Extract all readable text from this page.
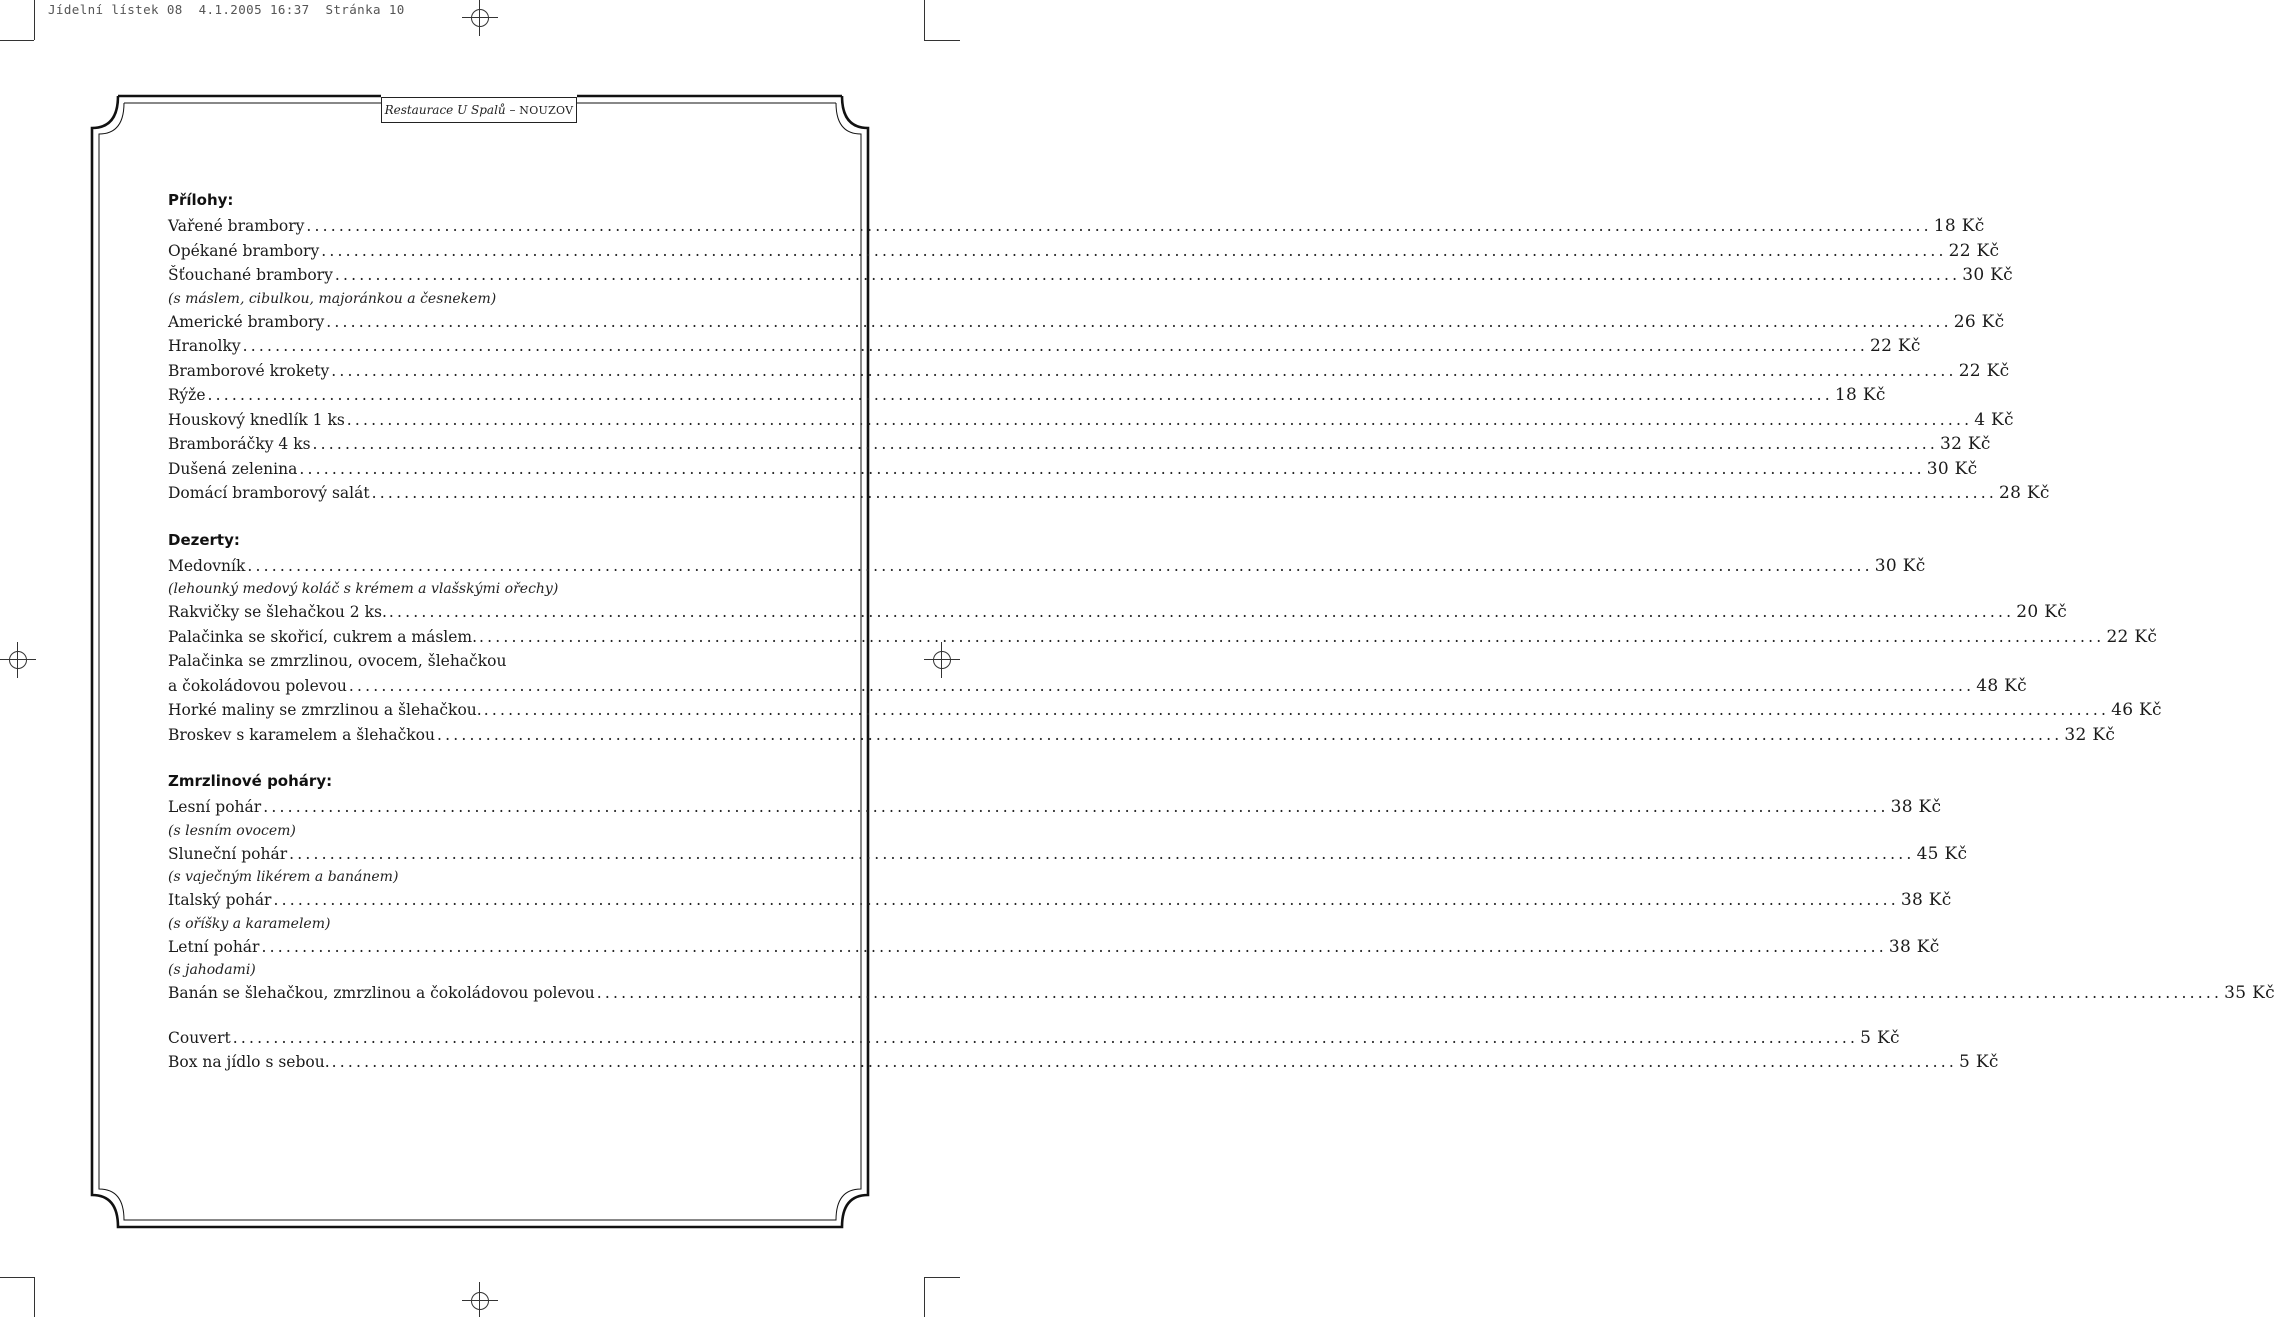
Jídelní lístek 08 4.1.2005 16:37 Stránka 10
Restaurace U Spalů –
NOUZOV
Přílohy:
Vařené brambory ........................................................................................................................................................................................................ 18 Kč
Opékané brambory ........................................................................................................................................................................................................ 22 Kč
Šťouchané brambory ........................................................................................................................................................................................................ 30 Kč
(s máslem, cibulkou, majoránkou a česnekem)
Americké brambory ........................................................................................................................................................................................................ 26 Kč
Hranolky ........................................................................................................................................................................................................ 22 Kč
Bramborové krokety ........................................................................................................................................................................................................ 22 Kč
Rýže ........................................................................................................................................................................................................ 18 Kč
Houskový knedlík 1 ks ........................................................................................................................................................................................................ 4 Kč
Bramboráčky 4 ks ........................................................................................................................................................................................................ 32 Kč
Dušená zelenina ........................................................................................................................................................................................................ 30 Kč
Domácí bramborový salát ........................................................................................................................................................................................................ 28 Kč
Dezerty:
Medovník ........................................................................................................................................................................................................ 30 Kč
(lehounký medový koláč s krémem a vlašskými ořechy)
Rakvičky se šlehačkou 2 ks. ........................................................................................................................................................................................................ 20 Kč
Palačinka se skořicí, cukrem a máslem. ........................................................................................................................................................................................................ 22 Kč
Palačinka se zmrzlinou, ovocem, šlehačkou
a čokoládovou polevou ........................................................................................................................................................................................................ 48 Kč
Horké maliny se zmrzlinou a šlehačkou. ........................................................................................................................................................................................................ 46 Kč
Broskev s karamelem a šlehačkou ........................................................................................................................................................................................................ 32 Kč
Zmrzlinové poháry:
Lesní pohár ........................................................................................................................................................................................................ 38 Kč
(s lesním ovocem)
Sluneční pohár ........................................................................................................................................................................................................ 45 Kč
(s vaječným likérem a banánem)
Italský pohár ........................................................................................................................................................................................................ 38 Kč
(s oříšky a karamelem)
Letní pohár ........................................................................................................................................................................................................ 38 Kč
(s jahodami)
Banán se šlehačkou, zmrzlinou a čokoládovou polevou ........................................................................................................................................................................................................ 35 Kč
Couvert ........................................................................................................................................................................................................ 5 Kč
Box na jídlo s sebou. ........................................................................................................................................................................................................ 5 Kč
